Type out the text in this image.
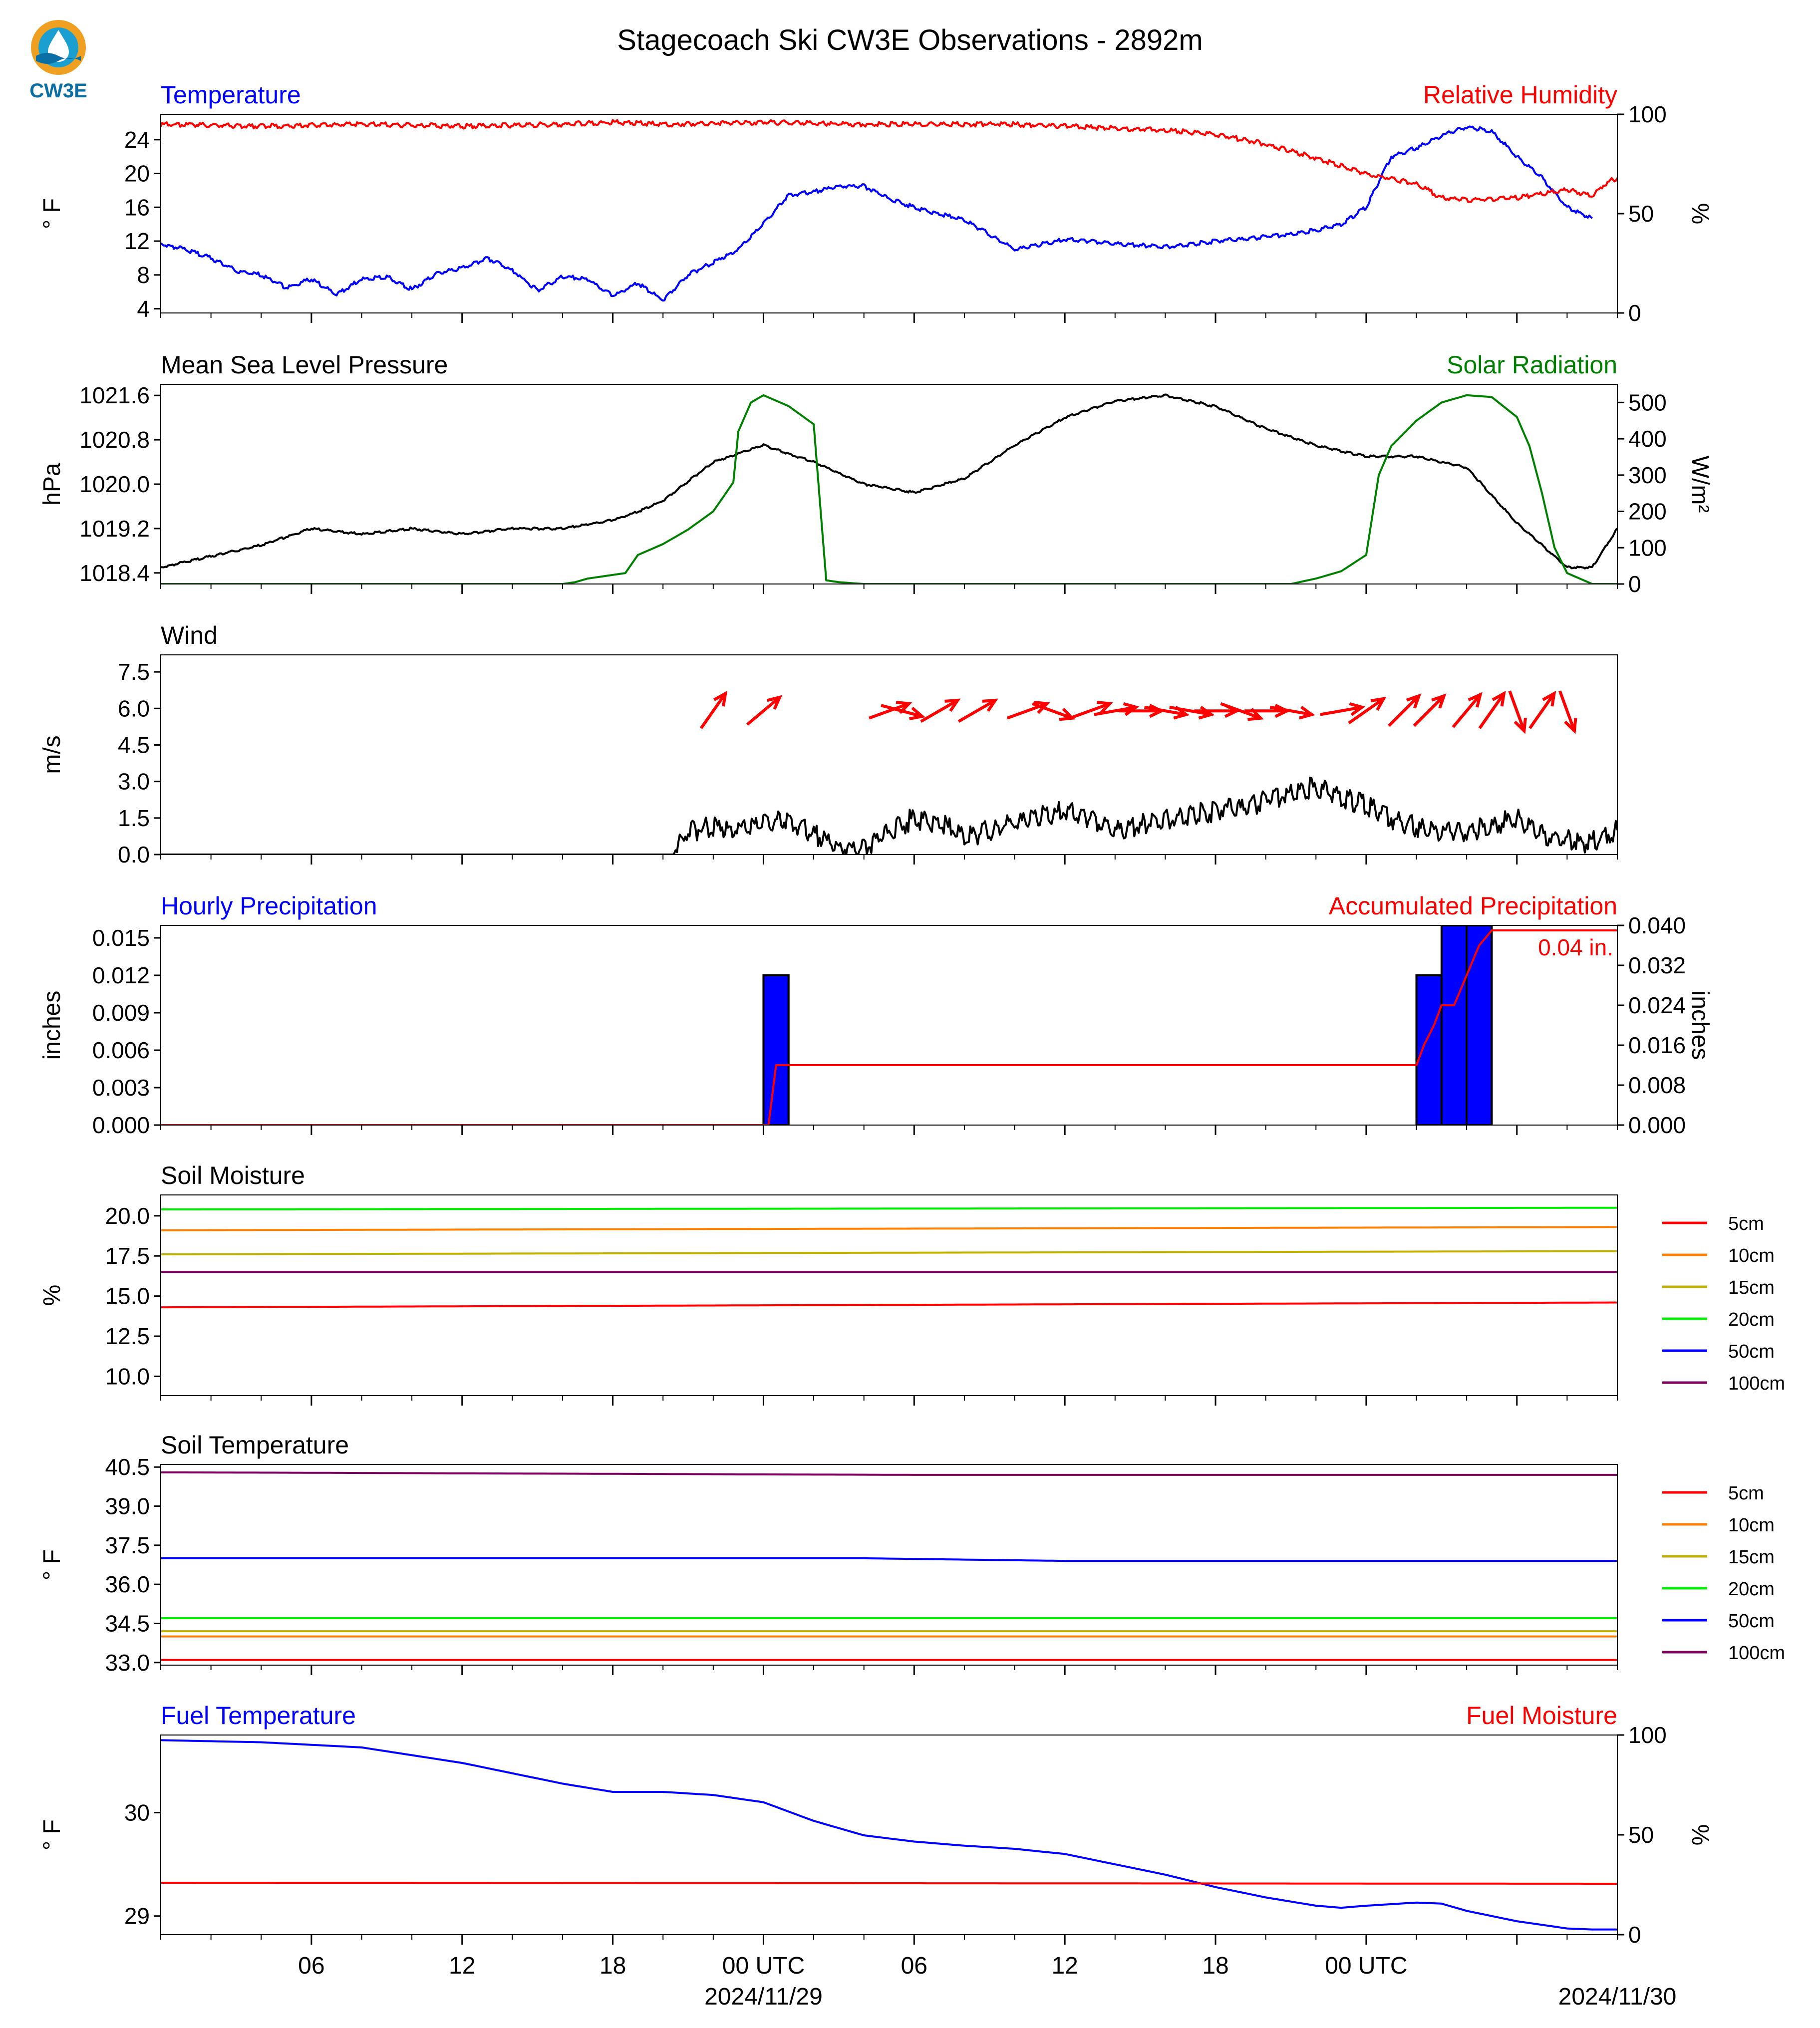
CW3E
Stagecoach Ski CW3E Observations - 2892m
Temperature	Relative Humidity
4
8
12
16
20
24
0
50
100
° F	%
Mean Sea Level Pressure	Solar Radiation
1018.4
1019.2
1020.0
1020.8
1021.6
0
100
200
300
400
500
hPa	W/m²
Wind
0.0
1.5
3.0
4.5
6.0
7.5
m/s
Hourly Precipitation	Accumulated Precipitation
0.04 in.
0.000
0.003
0.006
0.009
0.012
0.015
0.000
0.008
0.016
0.024
0.032
0.040
inches	inches
Soil Moisture
10.0
12.5
15.0
17.5
20.0
%
5cm
10cm
15cm
20cm
50cm
100cm
Soil Temperature
33.0
34.5
36.0
37.5
39.0
40.5
° F
5cm
10cm
15cm
20cm
50cm
100cm
Fuel Temperature	Fuel Moisture
29
30
0
50
100
° F	%
06	12	18	00 UTC	06	12	18	00 UTC
2024/11/29	2024/11/30
